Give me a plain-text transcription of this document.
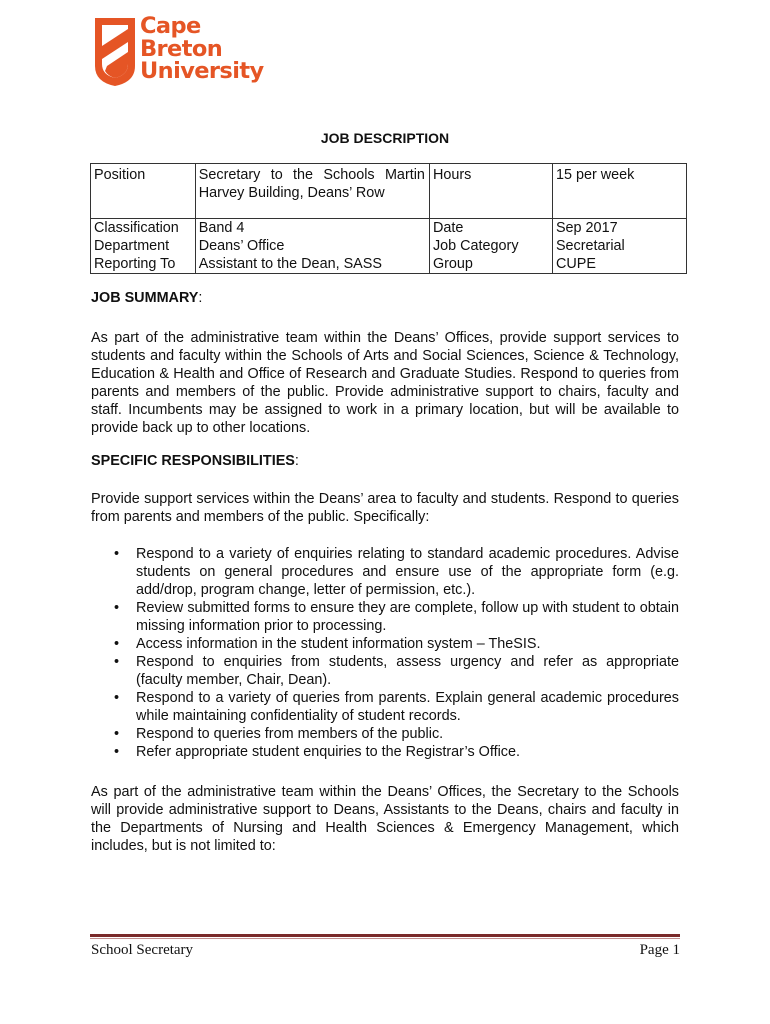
Cape
Breton
University
JOB DESCRIPTION
Position	Secretary to the Schools Martin Harvey Building, Deans’ Row	Hours	15 per week
Classification	Band 4	Date	Sep 2017
Department	Deans’ Office	Job Category	Secretarial
Reporting To	Assistant to the Dean, SASS	Group	CUPE

JOB SUMMARY:

As part of the administrative team within the Deans’ Offices, provide support services to students and faculty within the Schools of Arts and Social Sciences, Science & Technology, Education & Health and Office of Research and Graduate Studies. Respond to queries from parents and members of the public. Provide administrative support to chairs, faculty and staff. Incumbents may be assigned to work in a primary location, but will be available to provide back up to other locations.

SPECIFIC RESPONSIBILITIES:

Provide support services within the Deans’ area to faculty and students. Respond to queries from parents and members of the public. Specifically:

• Respond to a variety of enquiries relating to standard academic procedures. Advise students on general procedures and ensure use of the appropriate form (e.g. add/drop, program change, letter of permission, etc.).
• Review submitted forms to ensure they are complete, follow up with student to obtain missing information prior to processing.
• Access information in the student information system – TheSIS.
• Respond to enquiries from students, assess urgency and refer as appropriate (faculty member, Chair, Dean).
• Respond to a variety of queries from parents. Explain general academic procedures while maintaining confidentiality of student records.
• Respond to queries from members of the public.
• Refer appropriate student enquiries to the Registrar’s Office.

As part of the administrative team within the Deans’ Offices, the Secretary to the Schools will provide administrative support to Deans, Assistants to the Deans, chairs and faculty in the Departments of Nursing and Health Sciences & Emergency Management, which includes, but is not limited to:

School Secretary	Page 1
